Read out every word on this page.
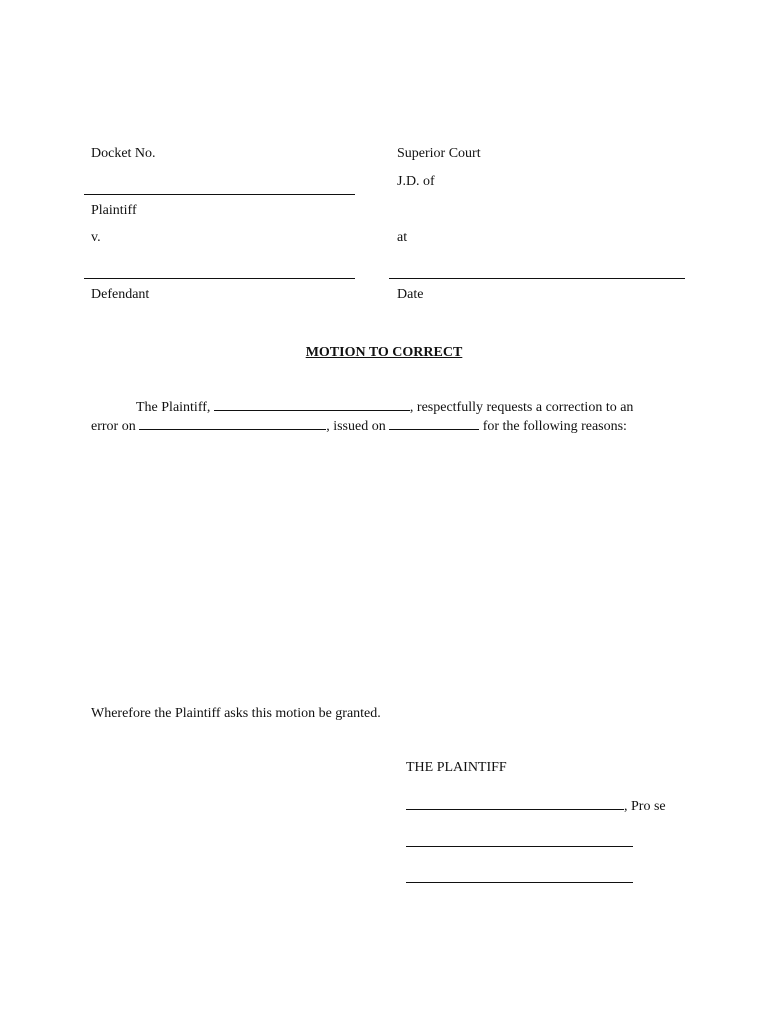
Docket No.
Plaintiff
v.
Defendant
Superior Court
J.D. of
at
Date
MOTION TO CORRECT
The Plaintiff,	, respectfully requests a correction to an
error on	, issued on	for the following reasons:
Wherefore the Plaintiff asks this motion be granted.
THE PLAINTIFF
, Pro se
